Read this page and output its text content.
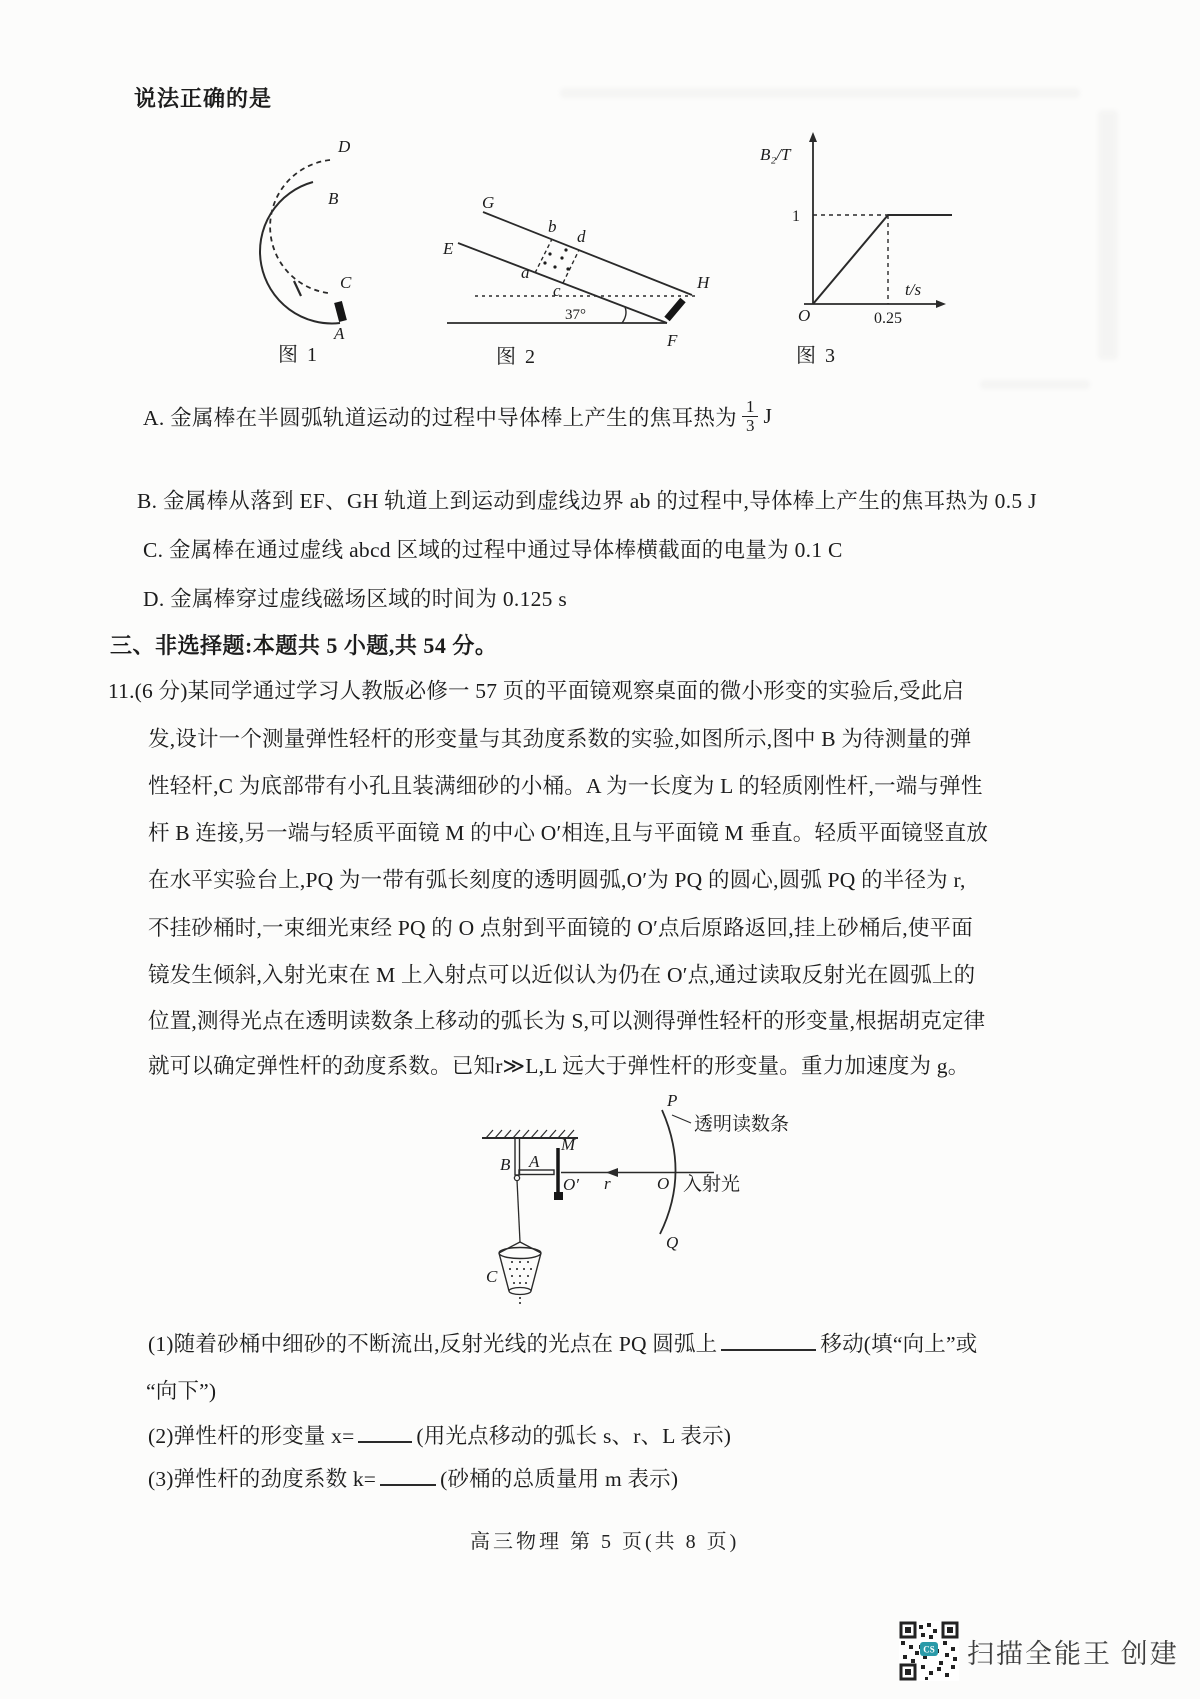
说法正确的是
D
B
C
A
图 1
G
E
H
F
a
b
c
d
37°
图 2
B₂/T
t/s
O
1
0.25
图 3
A. 金属棒在半圆弧轨道运动的过程中导体棒上产生的焦耳热为 $\frac{1}{3}$ J
B. 金属棒从落到 EF、GH 轨道上到运动到虚线边界 ab 的过程中,导体棒上产生的焦耳热为 0.5 J
C. 金属棒在通过虚线 abcd 区域的过程中通过导体棒横截面的电量为 0.1 C
D. 金属棒穿过虚线磁场区域的时间为 0.125 s
三、非选择题:本题共 5 小题,共 54 分。
11.(6 分)某同学通过学习人教版必修一 57 页的平面镜观察桌面的微小形变的实验后,受此启
发,设计一个测量弹性轻杆的形变量与其劲度系数的实验,如图所示,图中 B 为待测量的弹
性轻杆,C 为底部带有小孔且装满细砂的小桶。A 为一长度为 L 的轻质刚性杆,一端与弹性
杆 B 连接,另一端与轻质平面镜 M 的中心 O′相连,且与平面镜 M 垂直。轻质平面镜竖直放
在水平实验台上,PQ 为一带有弧长刻度的透明圆弧,O′为 PQ 的圆心,圆弧 PQ 的半径为 r,
不挂砂桶时,一束细光束经 PQ 的 O 点射到平面镜的 O′点后原路返回,挂上砂桶后,使平面
镜发生倾斜,入射光束在 M 上入射点可以近似认为仍在 O′点,通过读取反射光在圆弧上的
位置,测得光点在透明读数条上移动的弧长为 S,可以测得弹性轻杆的形变量,根据胡克定律
就可以确定弹性杆的劲度系数。已知r≫L,L 远大于弹性杆的形变量。重力加速度为 g。
B A
M
O′ r	O
P
Q
C
透明读数条
入射光
(1)随着砂桶中细砂的不断流出,反射光线的光点在 PQ 圆弧上	移动(填“向上”或
“向下”)
(2)弹性杆的形变量 x=	(用光点移动的弧长 s、r、L 表示)
(3)弹性杆的劲度系数 k=	(砂桶的总质量用 m 表示)
高三物理 第 5 页(共 8 页)
CS 扫描全能王 创建
